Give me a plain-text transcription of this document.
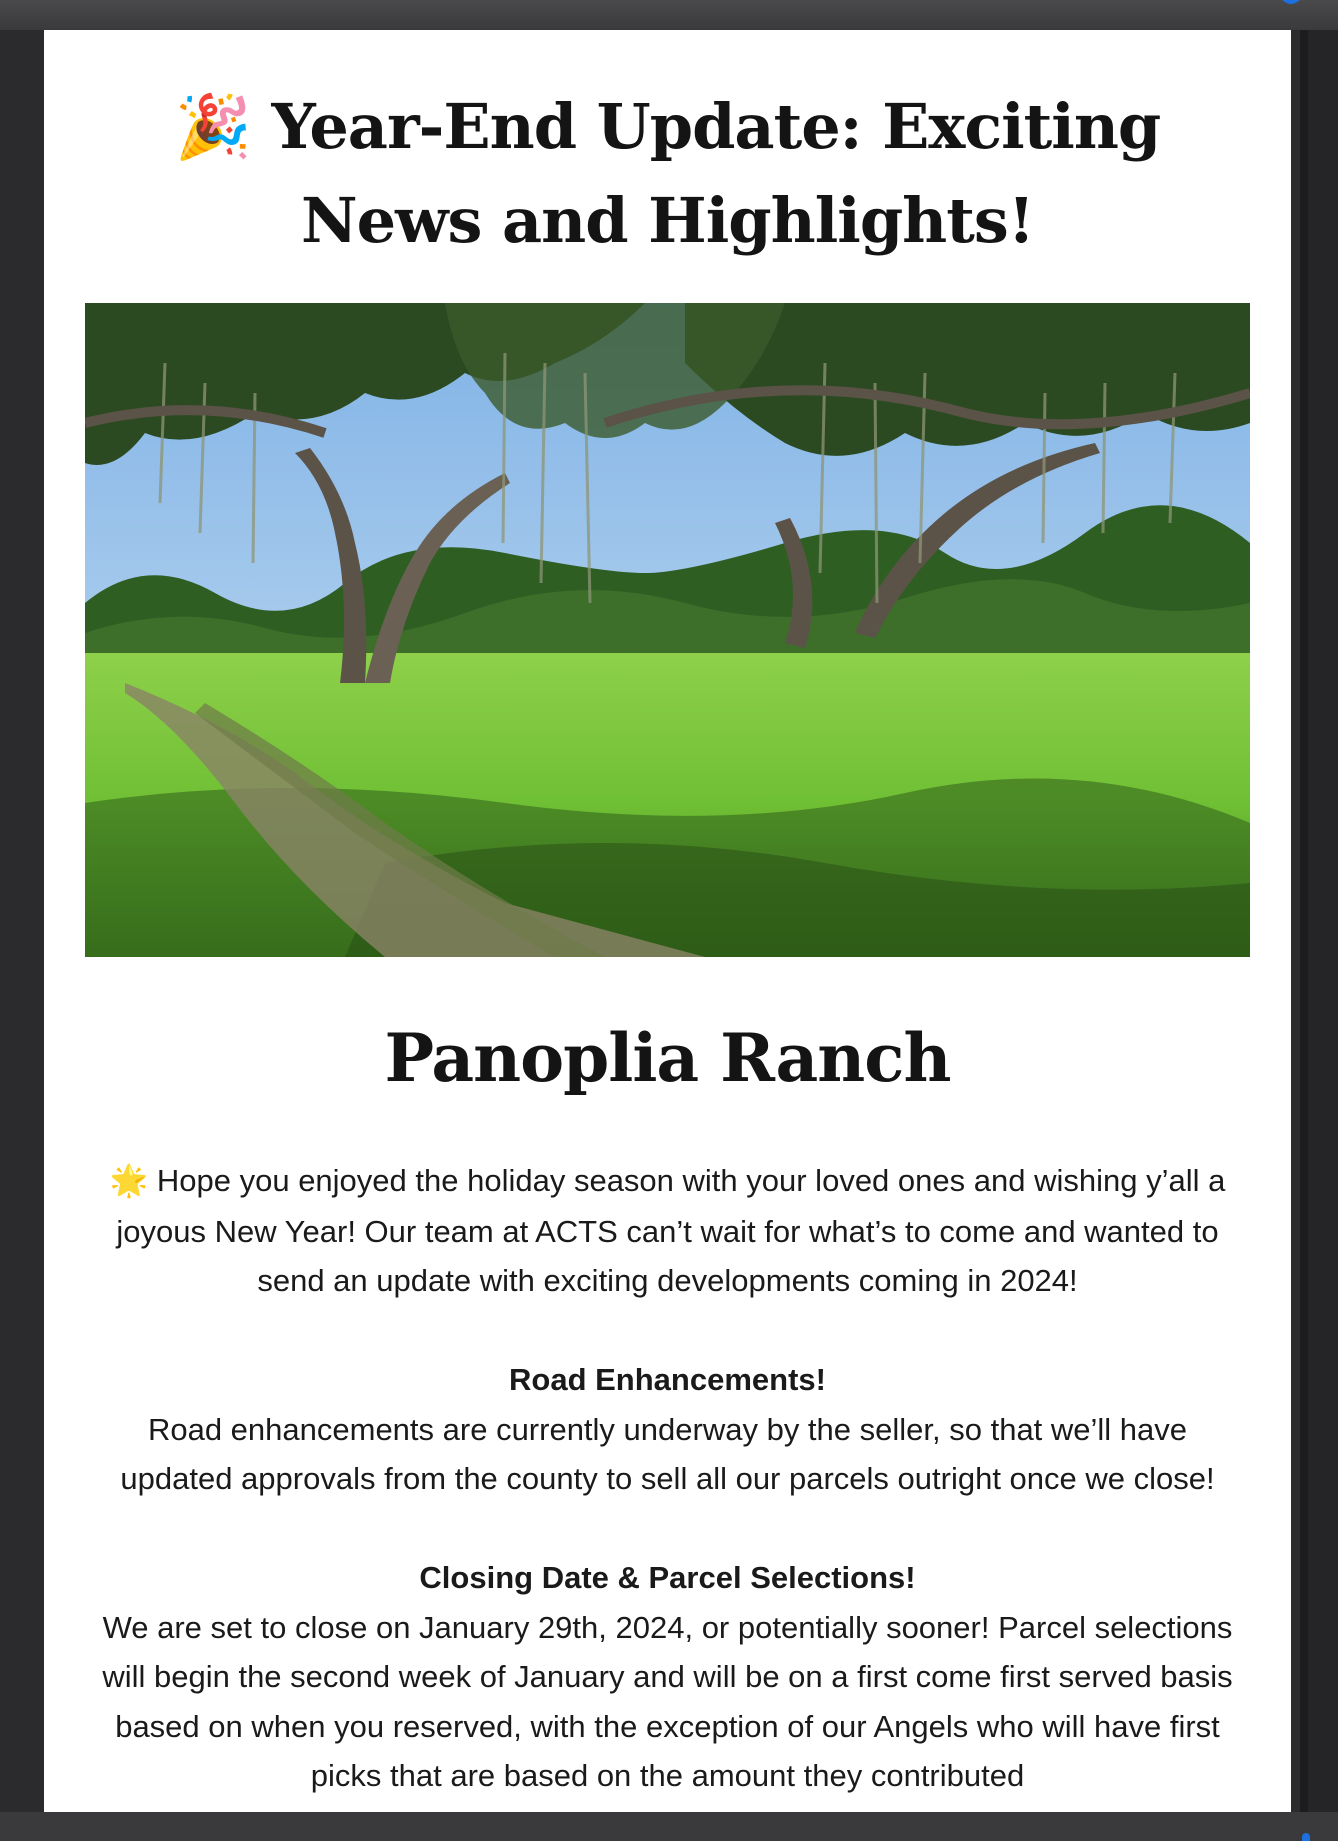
🎉 Year-End Update: Exciting News and Highlights!
Panoplia Ranch

🌟 Hope you enjoyed the holiday season with your loved ones and wishing y’all a joyous New Year! Our team at ACTS can’t wait for what’s to come and wanted to send an update with exciting developments coming in 2024!

Road Enhancements!
Road enhancements are currently underway by the seller, so that we’ll have updated approvals from the county to sell all our parcels outright once we close!

Closing Date & Parcel Selections!
We are set to close on January 29th, 2024, or potentially sooner! Parcel selections will begin the second week of January and will be on a first come first served basis based on when you reserved, with the exception of our Angels who will have first picks that are based on the amount they contributed
